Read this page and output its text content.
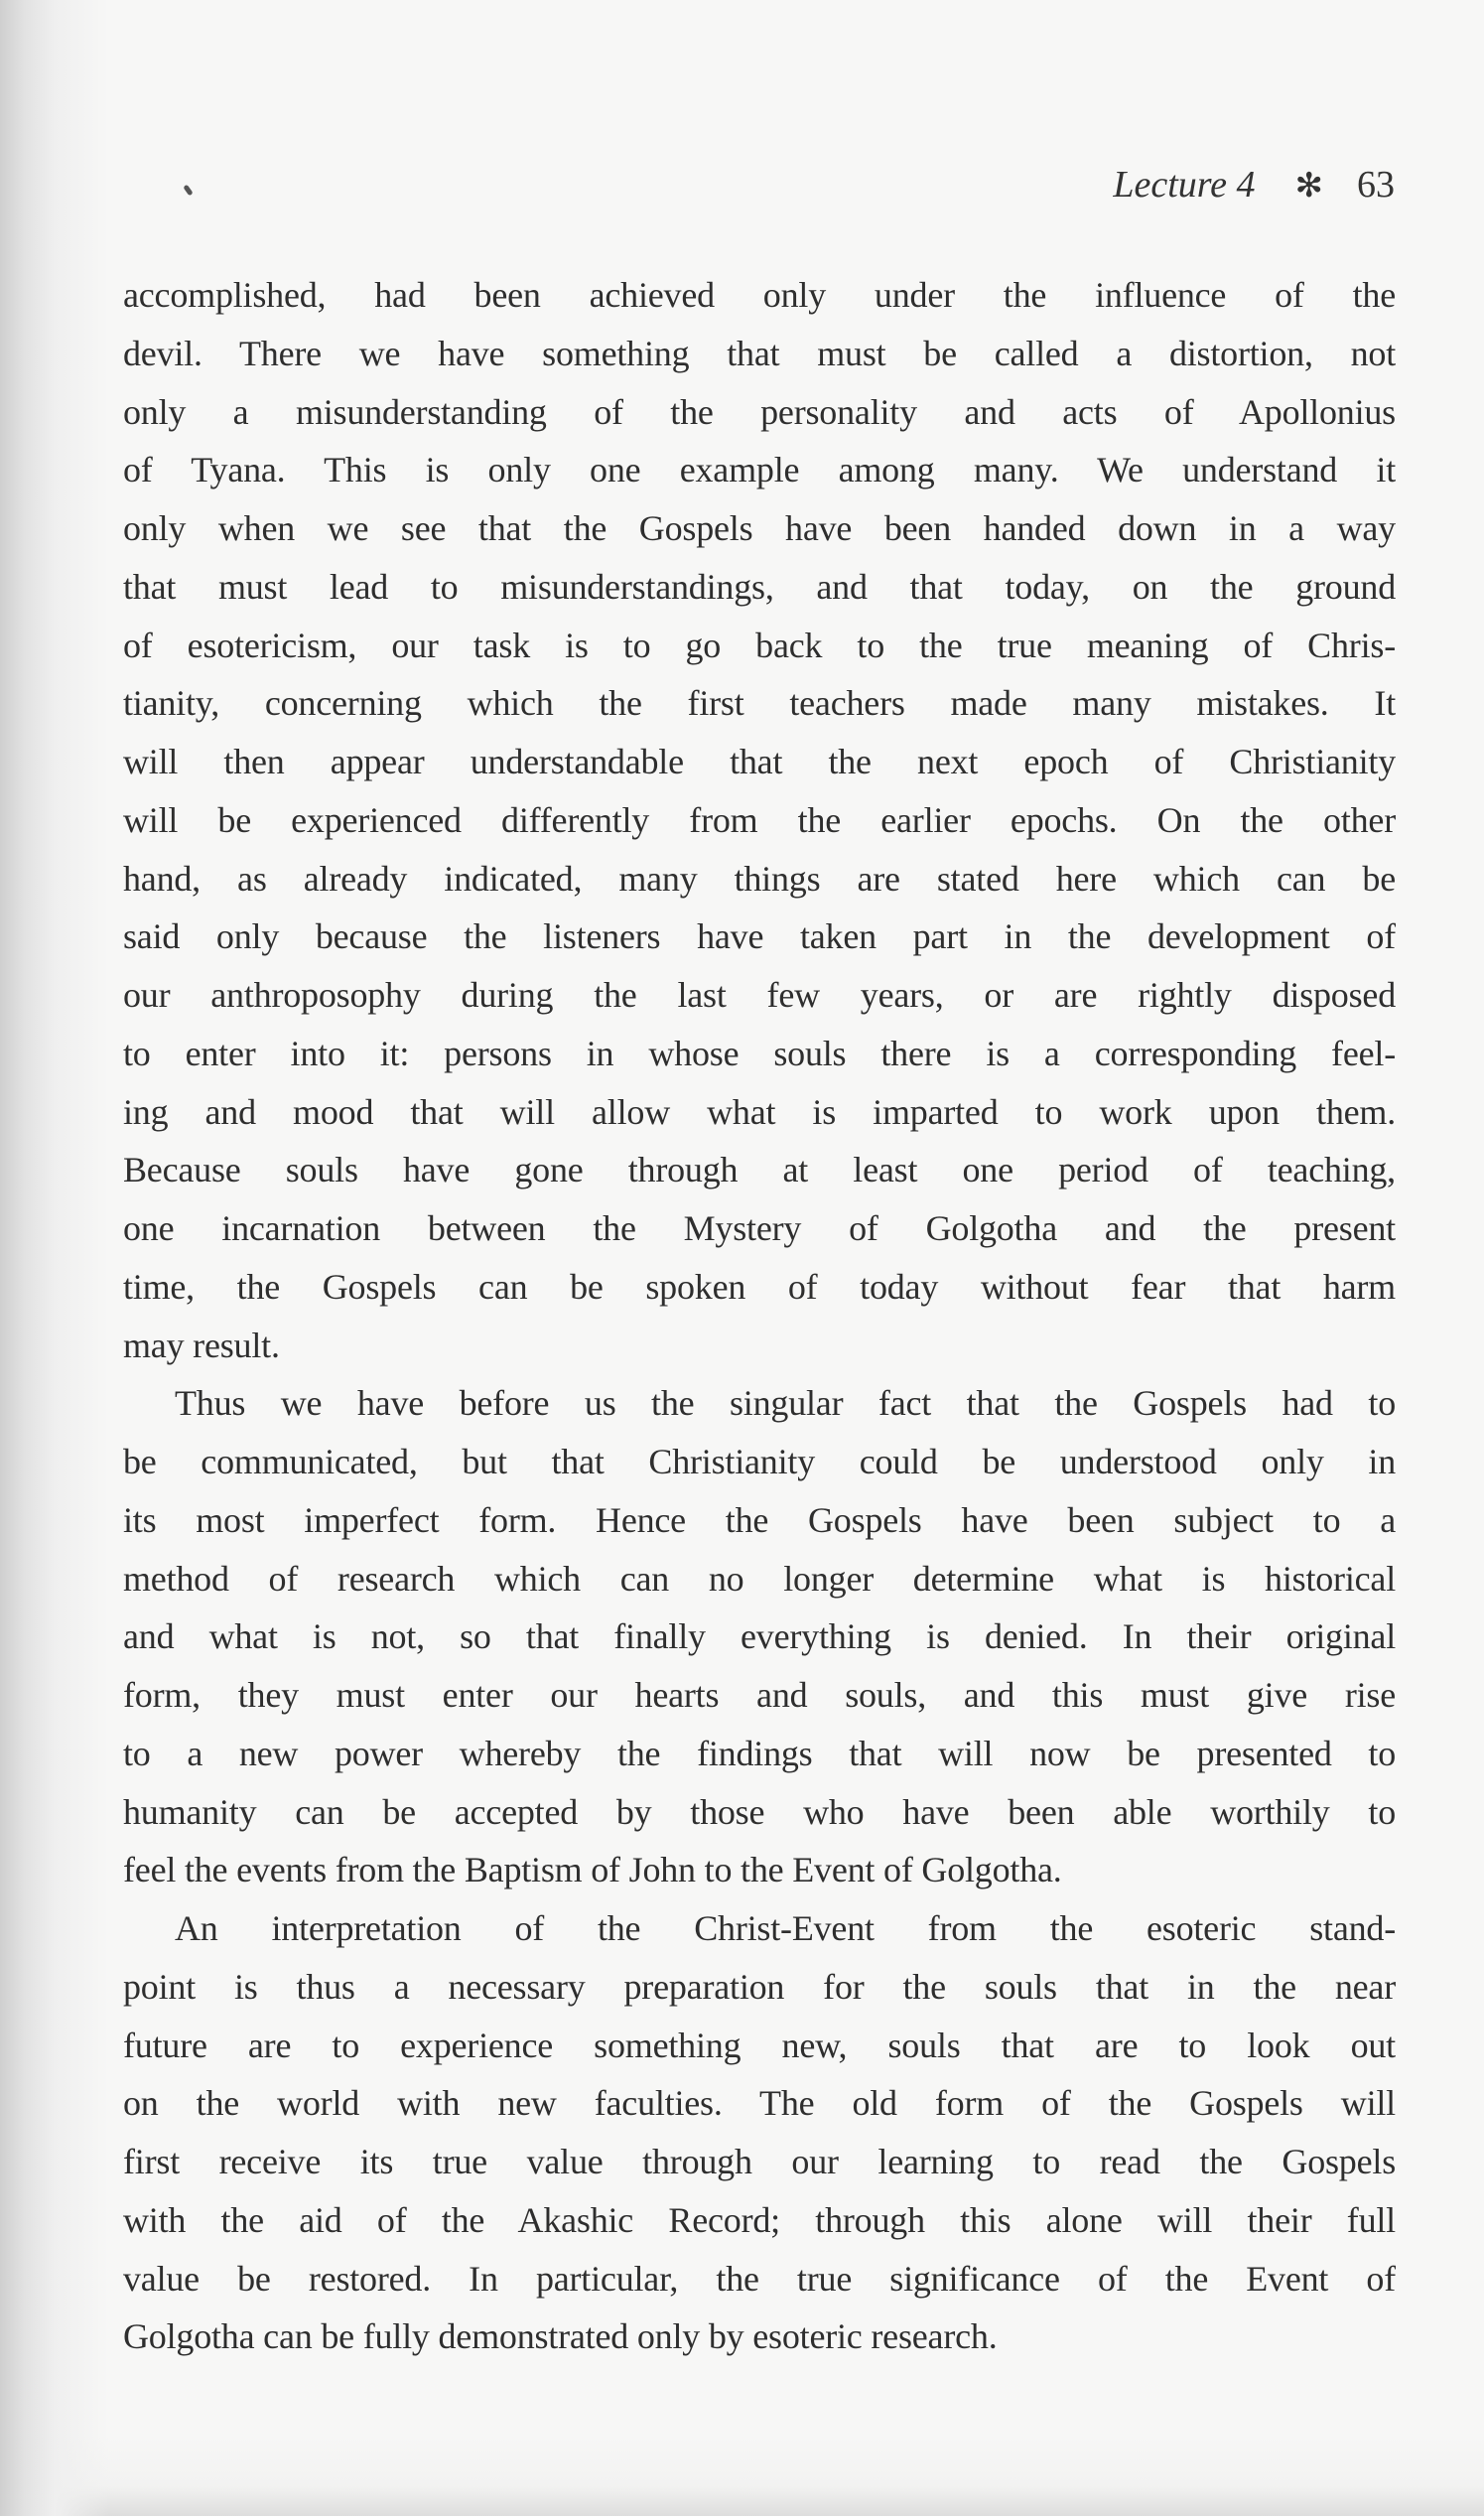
Lecture 4 ✻ 63
accomplished, had been achieved only under the influence of the
devil. There we have something that must be called a distortion, not
only a misunderstanding of the personality and acts of Apollonius
of Tyana. This is only one example among many. We understand it
only when we see that the Gospels have been handed down in a way
that must lead to misunderstandings, and that today, on the ground
of esotericism, our task is to go back to the true meaning of Chris-
tianity, concerning which the first teachers made many mistakes. It
will then appear understandable that the next epoch of Christianity
will be experienced differently from the earlier epochs. On the other
hand, as already indicated, many things are stated here which can be
said only because the listeners have taken part in the development of
our anthroposophy during the last few years, or are rightly disposed
to enter into it: persons in whose souls there is a corresponding feel-
ing and mood that will allow what is imparted to work upon them.
Because souls have gone through at least one period of teaching,
one incarnation between the Mystery of Golgotha and the present
time, the Gospels can be spoken of today without fear that harm
may result.
Thus we have before us the singular fact that the Gospels had to
be communicated, but that Christianity could be understood only in
its most imperfect form. Hence the Gospels have been subject to a
method of research which can no longer determine what is historical
and what is not, so that finally everything is denied. In their original
form, they must enter our hearts and souls, and this must give rise
to a new power whereby the findings that will now be presented to
humanity can be accepted by those who have been able worthily to
feel the events from the Baptism of John to the Event of Golgotha.
An interpretation of the Christ-Event from the esoteric stand-
point is thus a necessary preparation for the souls that in the near
future are to experience something new, souls that are to look out
on the world with new faculties. The old form of the Gospels will
first receive its true value through our learning to read the Gospels
with the aid of the Akashic Record; through this alone will their full
value be restored. In particular, the true significance of the Event of
Golgotha can be fully demonstrated only by esoteric research.
